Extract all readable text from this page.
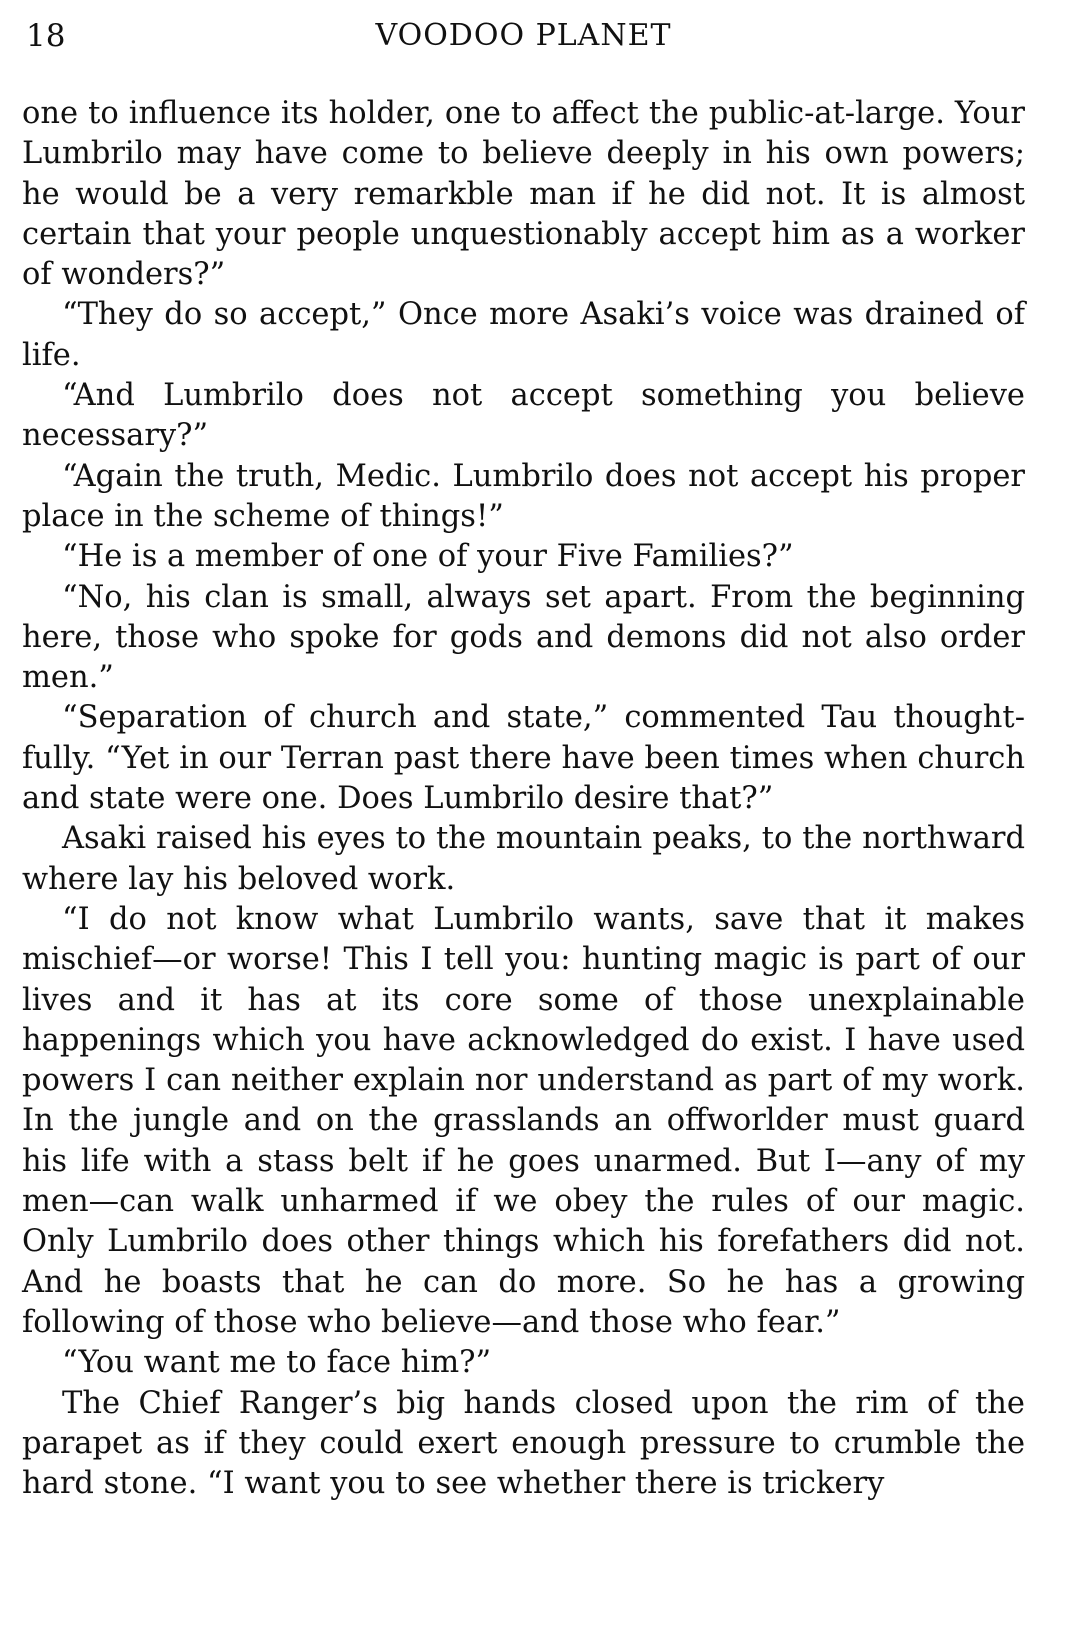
18	VOODOO PLANET

one to influence its holder, one to affect the public-at-large. Your Lumbrilo may have come to believe deeply in his own powers; he would be a very remarkble man if he did not. It is almost certain that your people unquestionably accept him as a worker of wonders?”

“They do so accept,” Once more Asaki’s voice was drained of life.

“And Lumbrilo does not accept something you believe necessary?”

“Again the truth, Medic. Lumbrilo does not accept his proper place in the scheme of things!”

“He is a member of one of your Five Families?”

“No, his clan is small, always set apart. From the beginning here, those who spoke for gods and demons did not also order men.”

“Separation of church and state,” commented Tau thoughtfully. “Yet in our Terran past there have been times when church and state were one. Does Lumbrilo desire that?”

Asaki raised his eyes to the mountain peaks, to the northward where lay his beloved work.

“I do not know what Lumbrilo wants, save that it makes mischief—or worse! This I tell you: hunting magic is part of our lives and it has at its core some of those unexplainable happenings which you have acknowledged do exist. I have used powers I can neither explain nor understand as part of my work. In the jungle and on the grasslands an offworlder must guard his life with a stass belt if he goes unarmed. But I—any of my men—can walk unharmed if we obey the rules of our magic. Only Lumbrilo does other things which his forefathers did not. And he boasts that he can do more. So he has a growing following of those who believe—and those who fear.”

“You want me to face him?”

The Chief Ranger’s big hands closed upon the rim of the parapet as if they could exert enough pressure to crumble the hard stone. “I want you to see whether there is trickery
